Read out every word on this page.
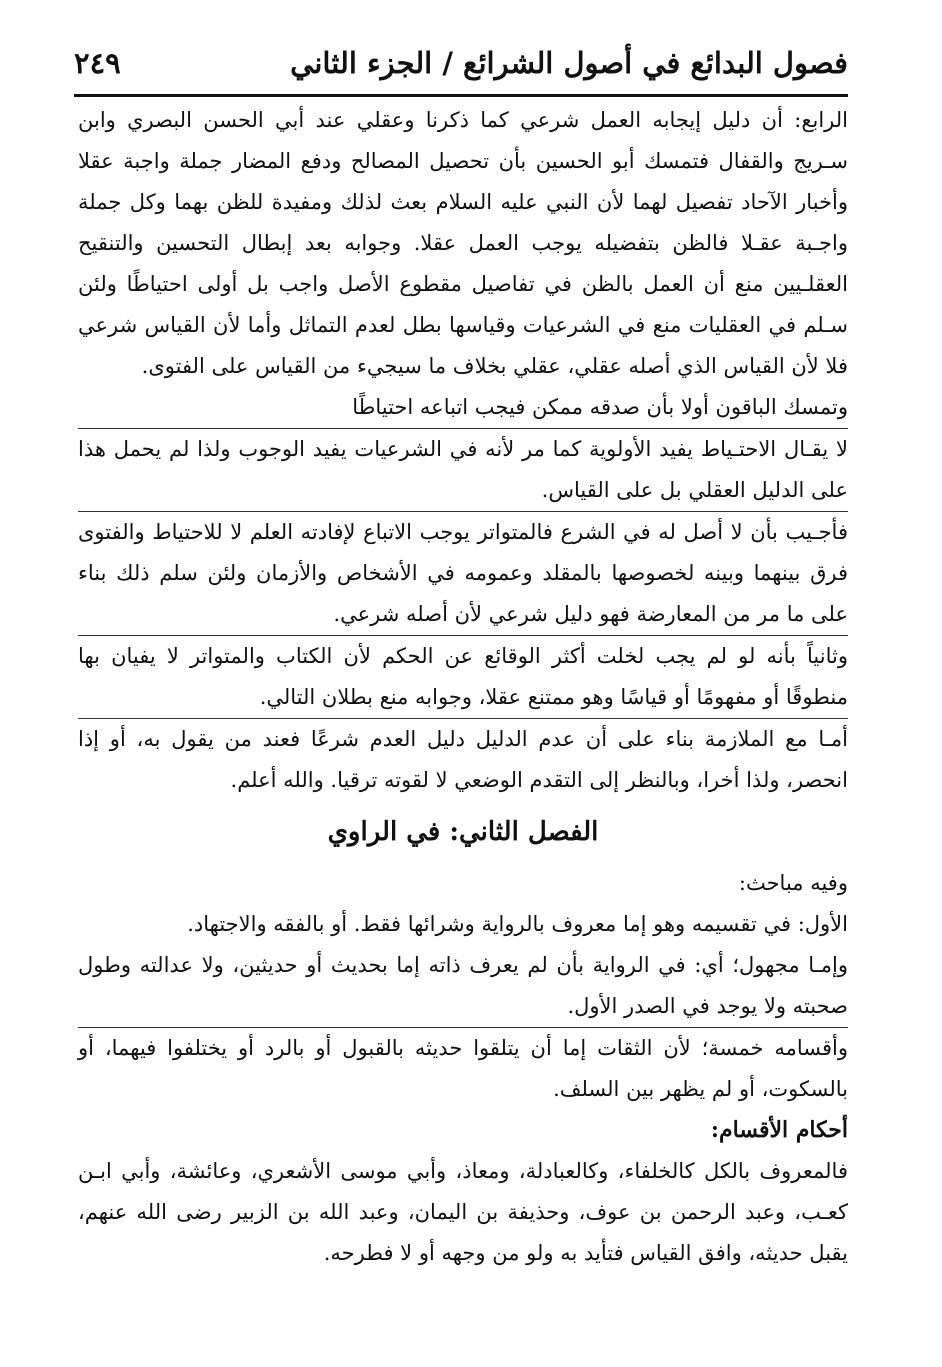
فصول البدائع في أصول الشرائع / الجزء الثاني
٢٤٩

الرابع: أن دليل إيجابه العمل شرعي كما ذكرنا وعقلي عند أبي الحسن البصري وابن سـريج والقفال فتمسك أبو الحسين بأن تحصيل المصالح ودفع المضار جملة واجبة عقلا وأخبار الآحاد تفصيل لهما لأن النبي عليه السلام بعث لذلك ومفيدة للظن بهما وكل جملة واجـبة عقـلا فالظن بتفضيله يوجب العمل عقلا. وجوابه بعد إبطال التحسين والتنقيح العقلـيين منع أن العمل بالظن في تفاصيل مقطوع الأصل واجب بل أولى احتياطًا ولئن سـلم في العقليات منع في الشرعيات وقياسها بطل لعدم التماثل وأما لأن القياس شرعي فلا لأن القياس الذي أصله عقلي، عقلي بخلاف ما سيجيء من القياس على الفتوى.

وتمسك الباقون أولا بأن صدقه ممكن فيجب اتباعه احتياطًا

لا يقـال الاحتـياط يفيد الأولوية كما مر لأنه في الشرعيات يفيد الوجوب ولذا لم يحمل هذا على الدليل العقلي بل على القياس.

فأجـيب بأن لا أصل له في الشرع فالمتواتر يوجب الاتباع لإفادته العلم لا للاحتياط والفتوى فرق بينهما وبينه لخصوصها بالمقلد وعمومه في الأشخاص والأزمان ولئن سلم ذلك بناء على ما مر من المعارضة فهو دليل شرعي لأن أصله شرعي.

وثانياً بأنه لو لم يجب لخلت أكثر الوقائع عن الحكم لأن الكتاب والمتواتر لا يفيان بها منطوقًا أو مفهومًا أو قياسًا وهو ممتنع عقلا، وجوابه منع بطلان التالي.

أمـا مع الملازمة بناء على أن عدم الدليل دليل العدم شرعًا فعند من يقول به، أو إذا انحصر، ولذا أخرا، وبالنظر إلى التقدم الوضعي لا لقوته ترقيا. والله أعلم.

الفصل الثاني: في الراوي

وفيه مباحث:

الأول: في تقسيمه وهو إما معروف بالرواية وشرائها فقط. أو بالفقه والاجتهاد.

وإمـا مجهول؛ أي: في الرواية بأن لم يعرف ذاته إما بحديث أو حديثين، ولا عدالته وطول صحبته ولا يوجد في الصدر الأول.

وأقسامه خمسة؛ لأن الثقات إما أن يتلقوا حديثه بالقبول أو بالرد أو يختلفوا فيهما، أو بالسكوت، أو لم يظهر بين السلف.

أحكام الأقسام:

فالمعروف بالكل كالخلفاء، وكالعبادلة، ومعاذ، وأبي موسى الأشعري، وعائشة، وأبي ابـن كعـب، وعبد الرحمن بن عوف، وحذيفة بن اليمان، وعبد الله بن الزبير رضى الله عنهم، يقبل حديثه، وافق القياس فتأيد به ولو من وجهه أو لا فطرحه.
